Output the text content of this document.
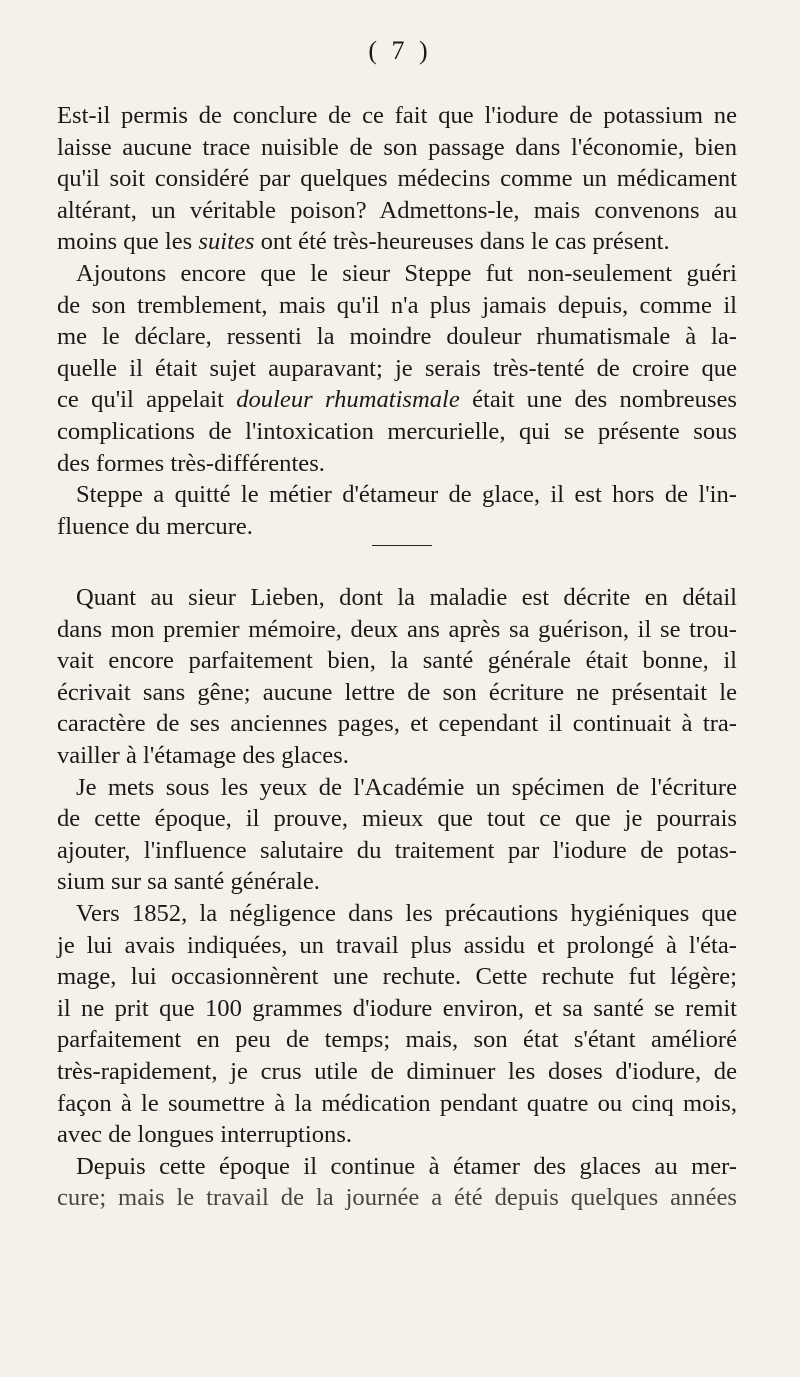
( 7 )
Est-il permis de conclure de ce fait que l'iodure de potassium ne
laisse aucune trace nuisible de son passage dans l'économie, bien
qu'il soit considéré par quelques médecins comme un médicament
altérant, un véritable poison? Admettons-le, mais convenons au
moins que les suites ont été très-heureuses dans le cas présent.
Ajoutons encore que le sieur Steppe fut non-seulement guéri
de son tremblement, mais qu'il n'a plus jamais depuis, comme il
me le déclare, ressenti la moindre douleur rhumatismale à la-
quelle il était sujet auparavant; je serais très-tenté de croire que
ce qu'il appelait douleur rhumatismale était une des nombreuses
complications de l'intoxication mercurielle, qui se présente sous
des formes très-différentes.
Steppe a quitté le métier d'étameur de glace, il est hors de l'in-
fluence du mercure.
Quant au sieur Lieben, dont la maladie est décrite en détail
dans mon premier mémoire, deux ans après sa guérison, il se trou-
vait encore parfaitement bien, la santé générale était bonne, il
écrivait sans gêne; aucune lettre de son écriture ne présentait le
caractère de ses anciennes pages, et cependant il continuait à tra-
vailler à l'étamage des glaces.
Je mets sous les yeux de l'Académie un spécimen de l'écriture
de cette époque, il prouve, mieux que tout ce que je pourrais
ajouter, l'influence salutaire du traitement par l'iodure de potas-
sium sur sa santé générale.
Vers 1852, la négligence dans les précautions hygiéniques que
je lui avais indiquées, un travail plus assidu et prolongé à l'éta-
mage, lui occasionnèrent une rechute. Cette rechute fut légère;
il ne prit que 100 grammes d'iodure environ, et sa santé se remit
parfaitement en peu de temps; mais, son état s'étant amélioré
très-rapidement, je crus utile de diminuer les doses d'iodure, de
façon à le soumettre à la médication pendant quatre ou cinq mois,
avec de longues interruptions.
Depuis cette époque il continue à étamer des glaces au mer-
cure; mais le travail de la journée a été depuis quelques années
